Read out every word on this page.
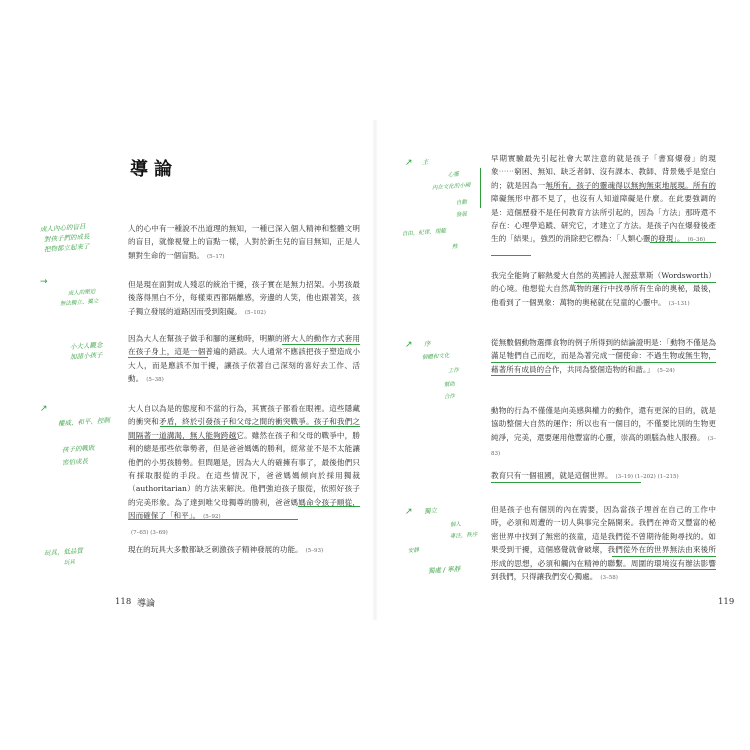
導論

人的心中有一種說不出道理的無知，一種已深入個人精神和整體文明的盲目，就像視覺上的盲點一樣，人對於新生兒的盲目無知，正是人類對生命的一個盲點。 (5–17)

但是現在面對成人殘忍的統治干擾，孩子實在是無力招架。小男孩最後落得黑白不分，每樣東西都隔離感，旁邊的人笑，他也跟著笑，孩子獨立發展的道路因而受到阻礙。 (5–102)

因為大人在幫孩子做手和腳的運動時，明顯的將大人的動作方式套用在孩子身上，這是一個普遍的錯誤。大人通常不應該把孩子塑造成小大人，而是應該不加干擾，讓孩子依著自己深刻的喜好去工作、活動。 (5–38)

大人自以為是的態度和不當的行為，其實孩子都看在眼裡。這些隱藏的衝突和矛盾，終於引發孩子和父母之間的衝突戰爭。孩子和我們之間隔著一道溝渴，無人能夠跨越它。雖然在孩子和父母的戰爭中，勝利的總是那些依靠勢者，但是爸爸媽媽的勝利，經常並不是不太能讓他們的小男孩勝勢。但問題是，因為大人的確擁有事了，最後他們只有採取服從的手段。在這些情況下，爸爸媽媽傾向於採用獨裁（authoritarian）的方法來解決。他們強迫孩子服從，依照好孩子的完美形象。為了達到唯父母獨尊的勝利，爸爸媽媽命令孩子順從，因而確保了「和平」。 (5–92)
(7–65) (3–69)

現在的玩具大多數都缺乏刺激孩子精神發展的功能。 (5–93)

成人內心的盲目
對孩子們的成長
把物都立起來了
→
成人的壓迫
無法獨立、獨立
小大人觀念
加諸小孩子
↗
權威，和平，控制
孩子的戰敗
害怕成長
玩具，低品質
玩具
118 導論

早期實驗最先引起社會大眾注意的就是孩子「書寫爆發」的現象⋯⋯窮困、無知、缺乏者師、沒有課本、教師、背景幾乎是窒白的；就是因為一無所有，孩子的靈魂得以無拘無束地展現。所有的障礙無形中都不見了，也沒有人知道障礙是什麼。在此要強調的是：這個歷發不是任何教育方法所引起的，因為「方法」那時還不存在：心理學追蹤、研究它，才建立了方法。是孩子內在爆發後產生的「結果」，強烈的消除把它標為：「人類心靈的發現」。 (6–36)

我完全能夠了解熱愛大自然的英國詩人渥茲華斯（Wordsworth）的心境。他想從大自然萬物的運行中找尋所有生命的奧秘，最後，他看到了一個異象：萬物的奧秘就在兒童的心靈中。 (3–131)

從無數個動物選擇食物的例子所得到的結論證明是：「動物不僅是為滿足牠們自己而吃，而是為著完成一個使命：不過生物或無生物，藉著所有成員的合作，共同為整個造物的和諧。」 (5–24)

動物的行為不僅僅是向美感與權力的動作，還有更深的目的，就是協助整個大自然的運作；所以也有一個目的，不僅要比別的生物更純淨，完美，還要運用他豐富的心靈，崇高的頭腦為他人服務。 (3–83)

教育只有一個祖國，就是這個世界。 (3–19) (1–202) (1–215)

但是孩子也有個別的內在需要，因為當孩子埋首在自己的工作中時，必須和周遭的一切人與事完全隔開來。我們在神奇又豐富的秘密世界中找到了無密的孩童，這是我們從不曾期待能夠尋找的。如果受到干擾，這個感覺就會破壞，我們從外在的世界無法由來後所形成的思想，必須和觸內在精神的聯繫。周圍的環境沒有辦法影響到我們，只得讓我們安心獨處。 (3–58)

↗ 主
心靈
內在文化的小國
自動
發展
自由，紀律，規範
熟
↗ 序
個體和文化
工作
幫助
合作
↗ 獨立
個人
專注，秩序
安靜
獨處 / 寧靜
119
